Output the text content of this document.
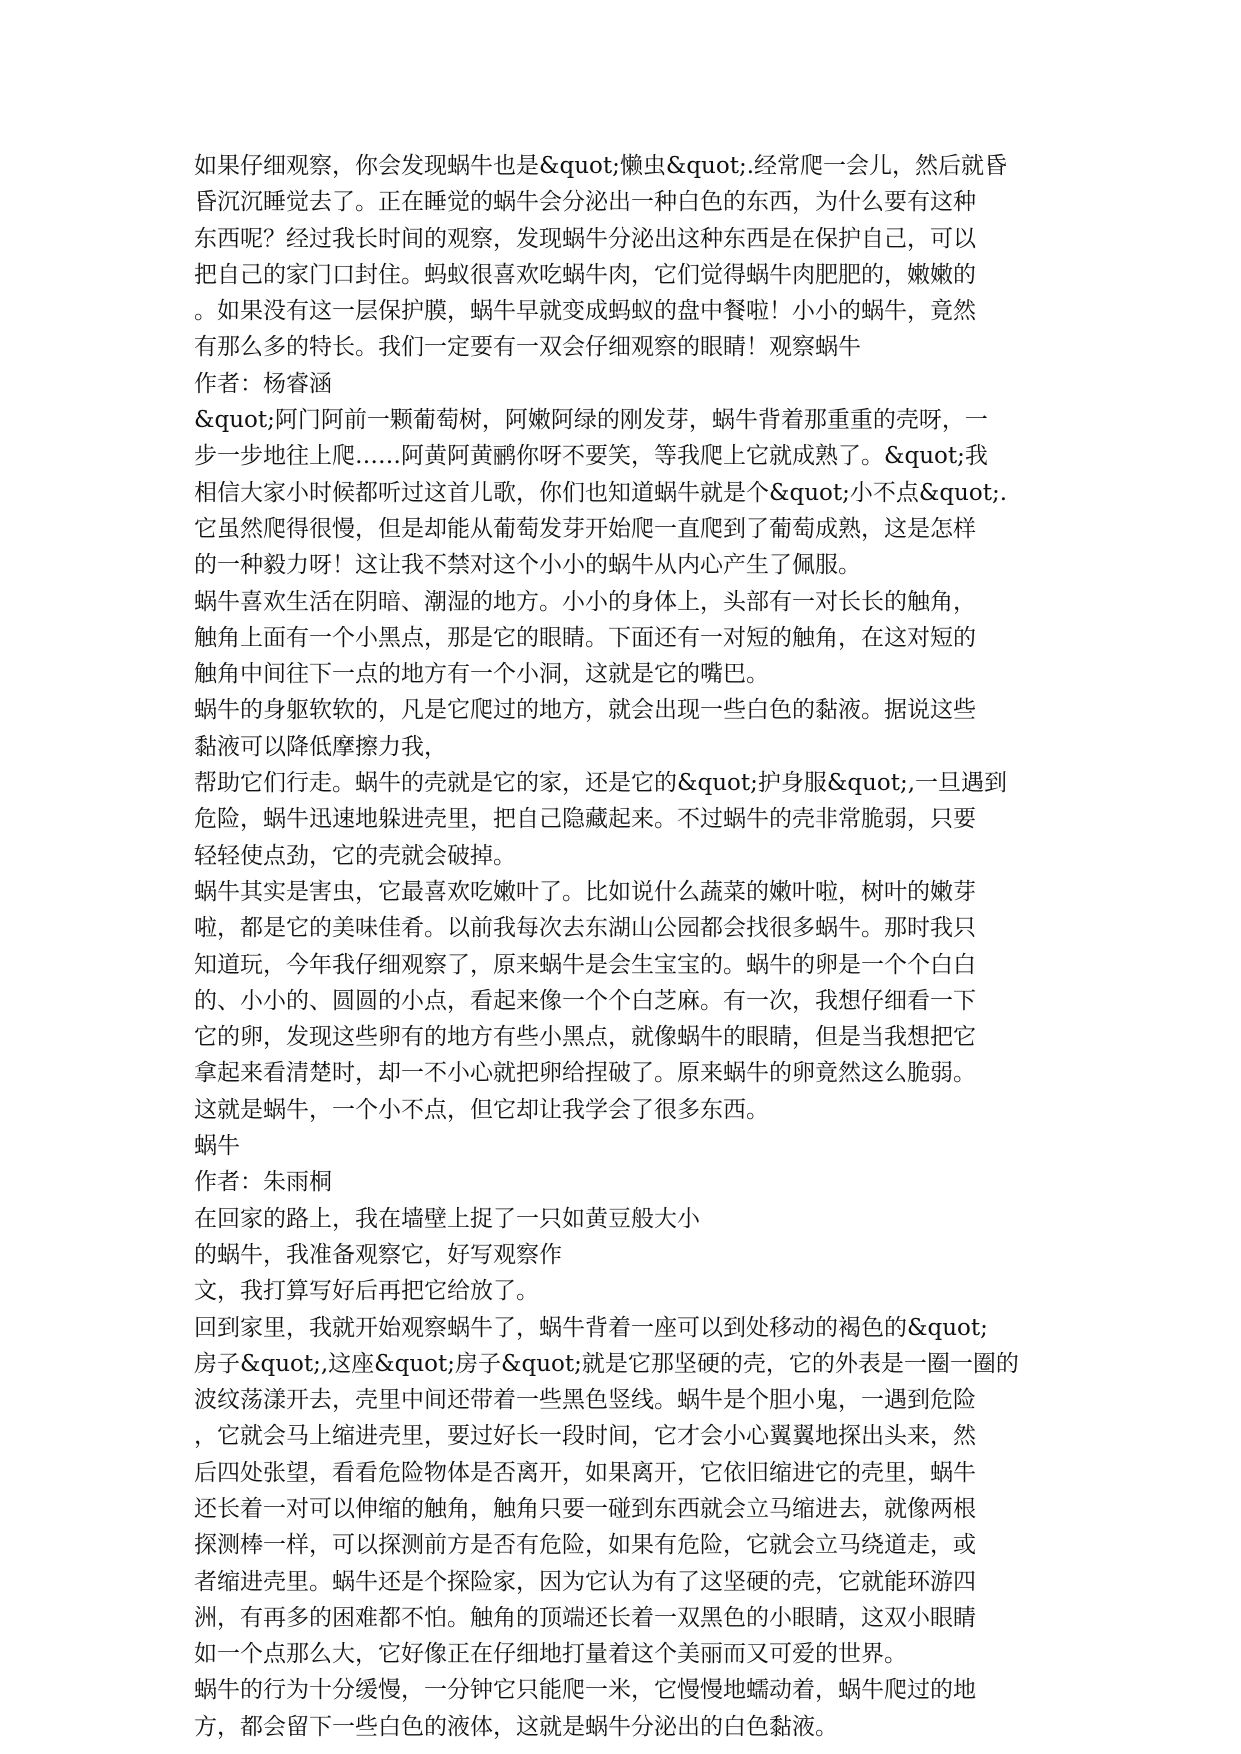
如果仔细观察，你会发现蜗牛也是&quot;懒虫&quot;.经常爬一会儿，然后就昏
昏沉沉睡觉去了。正在睡觉的蜗牛会分泌出一种白色的东西，为什么要有这种
东西呢？经过我长时间的观察，发现蜗牛分泌出这种东西是在保护自己，可以
把自己的家门口封住。蚂蚁很喜欢吃蜗牛肉，它们觉得蜗牛肉肥肥的，嫩嫩的
。如果没有这一层保护膜，蜗牛早就变成蚂蚁的盘中餐啦！小小的蜗牛，竟然
有那么多的特长。我们一定要有一双会仔细观察的眼睛！观察蜗牛
作者：杨睿涵
&quot;阿门阿前一颗葡萄树，阿嫩阿绿的刚发芽，蜗牛背着那重重的壳呀，一
步一步地往上爬……阿黄阿黄鹂你呀不要笑，等我爬上它就成熟了。&quot;我
相信大家小时候都听过这首儿歌，你们也知道蜗牛就是个&quot;小不点&quot;.
它虽然爬得很慢，但是却能从葡萄发芽开始爬一直爬到了葡萄成熟，这是怎样
的一种毅力呀！这让我不禁对这个小小的蜗牛从内心产生了佩服。
蜗牛喜欢生活在阴暗、潮湿的地方。小小的身体上，头部有一对长长的触角，
触角上面有一个小黑点，那是它的眼睛。下面还有一对短的触角，在这对短的
触角中间往下一点的地方有一个小洞，这就是它的嘴巴。
蜗牛的身躯软软的，凡是它爬过的地方，就会出现一些白色的黏液。据说这些
黏液可以降低摩擦力我，
帮助它们行走。蜗牛的壳就是它的家，还是它的&quot;护身服&quot;,一旦遇到
危险，蜗牛迅速地躲进壳里，把自己隐藏起来。不过蜗牛的壳非常脆弱，只要
轻轻使点劲，它的壳就会破掉。
蜗牛其实是害虫，它最喜欢吃嫩叶了。比如说什么蔬菜的嫩叶啦，树叶的嫩芽
啦，都是它的美味佳肴。以前我每次去东湖山公园都会找很多蜗牛。那时我只
知道玩，今年我仔细观察了，原来蜗牛是会生宝宝的。蜗牛的卵是一个个白白
的、小小的、圆圆的小点，看起来像一个个白芝麻。有一次，我想仔细看一下
它的卵，发现这些卵有的地方有些小黑点，就像蜗牛的眼睛，但是当我想把它
拿起来看清楚时，却一不小心就把卵给捏破了。原来蜗牛的卵竟然这么脆弱。
这就是蜗牛，一个小不点，但它却让我学会了很多东西。
蜗牛
作者：朱雨桐
在回家的路上，我在墙壁上捉了一只如黄豆般大小
的蜗牛，我准备观察它，好写观察作
文，我打算写好后再把它给放了。
回到家里，我就开始观察蜗牛了，蜗牛背着一座可以到处移动的褐色的&quot;
房子&quot;,这座&quot;房子&quot;就是它那坚硬的壳，它的外表是一圈一圈的
波纹荡漾开去，壳里中间还带着一些黑色竖线。蜗牛是个胆小鬼，一遇到危险
，它就会马上缩进壳里，要过好长一段时间，它才会小心翼翼地探出头来，然
后四处张望，看看危险物体是否离开，如果离开，它依旧缩进它的壳里，蜗牛
还长着一对可以伸缩的触角，触角只要一碰到东西就会立马缩进去，就像两根
探测棒一样，可以探测前方是否有危险，如果有危险，它就会立马绕道走，或
者缩进壳里。蜗牛还是个探险家，因为它认为有了这坚硬的壳，它就能环游四
洲，有再多的困难都不怕。触角的顶端还长着一双黑色的小眼睛，这双小眼睛
如一个点那么大，它好像正在仔细地打量着这个美丽而又可爱的世界。
蜗牛的行为十分缓慢，一分钟它只能爬一米，它慢慢地蠕动着，蜗牛爬过的地
方，都会留下一些白色的液体，这就是蜗牛分泌出的白色黏液。
